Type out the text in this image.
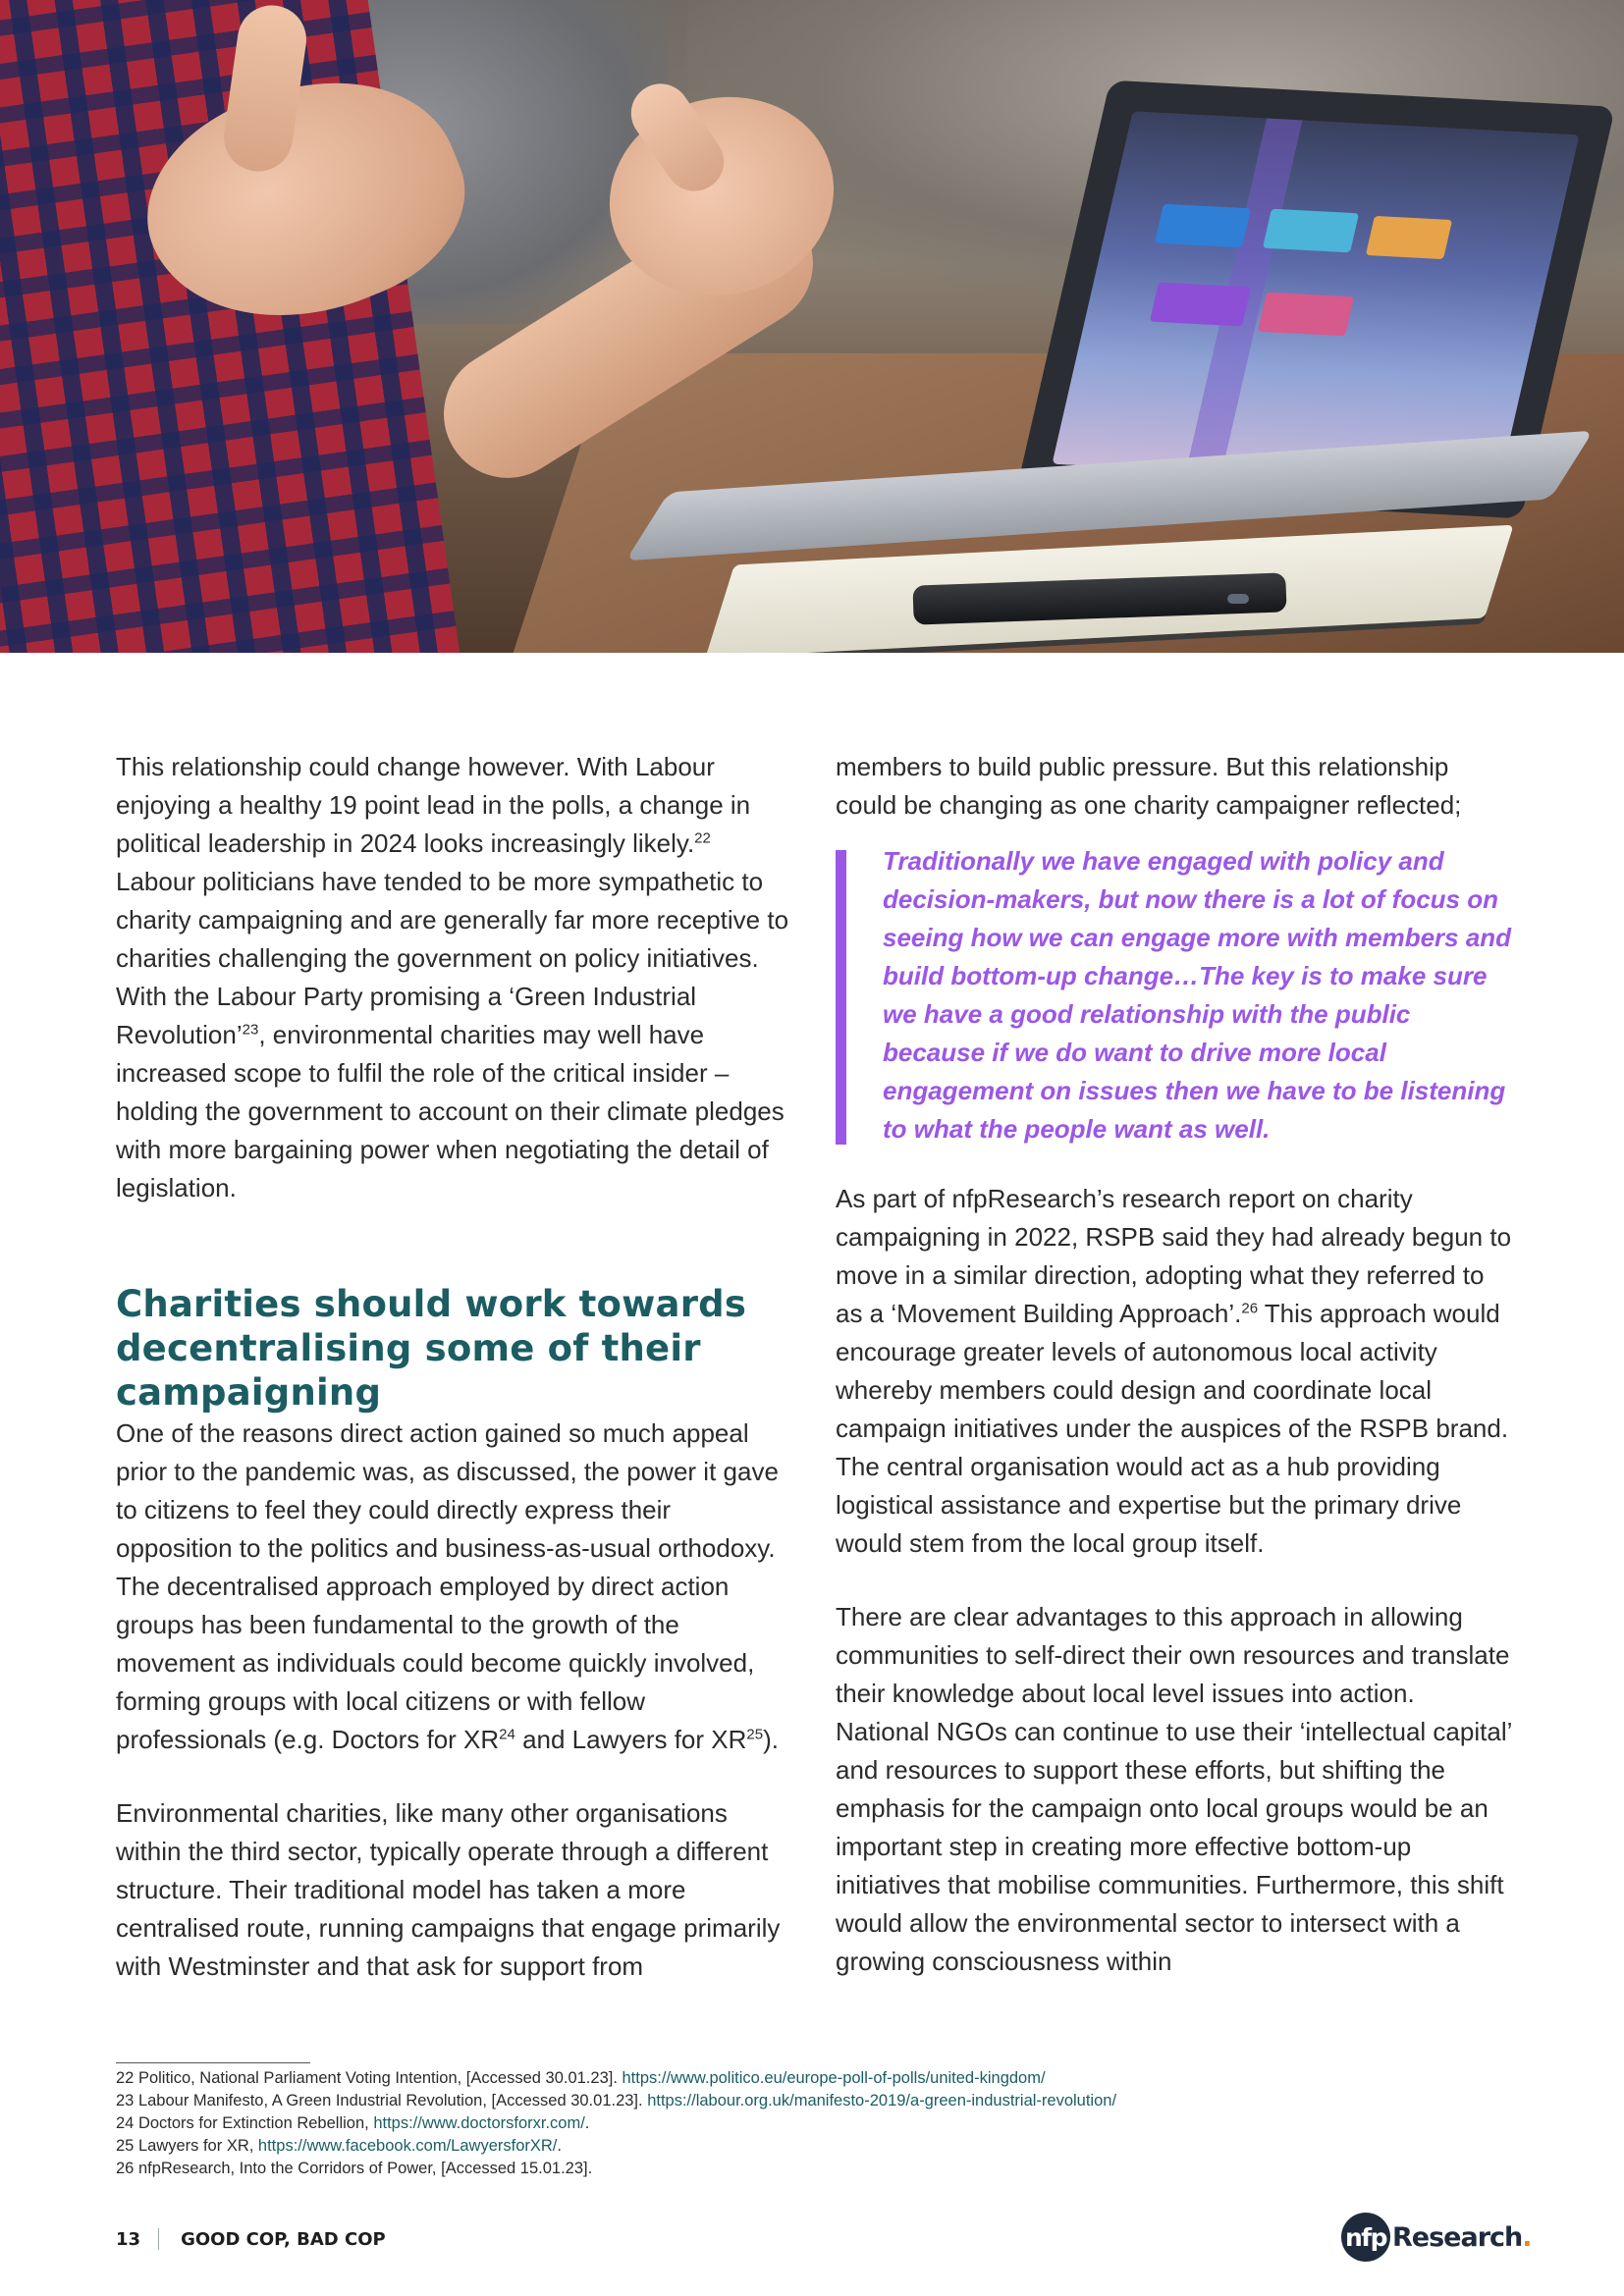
This relationship could change however. With Labour enjoying a healthy 19 point lead in the polls, a change in political leadership in 2024 looks increasingly likely.$^{22}$ Labour politicians have tended to be more sympathetic to charity campaigning and are generally far more receptive to charities challenging the government on policy initiatives. With the Labour Party promising a ‘Green Industrial Revolution’$^{23}$, environmental charities may well have increased scope to fulfil the role of the critical insider – holding the government to account on their climate pledges with more bargaining power when negotiating the detail of legislation.

Charities should work towards decentralising some of their campaigning

One of the reasons direct action gained so much appeal prior to the pandemic was, as discussed, the power it gave to citizens to feel they could directly express their opposition to the politics and business-as-usual orthodoxy. The decentralised approach employed by direct action groups has been fundamental to the growth of the movement as individuals could become quickly involved, forming groups with local citizens or with fellow professionals (e.g. Doctors for XR$^{24}$ and Lawyers for XR$^{25}$).

Environmental charities, like many other organisations within the third sector, typically operate through a different structure. Their traditional model has taken a more centralised route, running campaigns that engage primarily with Westminster and that ask for support from

members to build public pressure. But this relationship could be changing as one charity campaigner reflected;

Traditionally we have engaged with policy and decision-makers, but now there is a lot of focus on seeing how we can engage more with members and build bottom-up change…The key is to make sure we have a good relationship with the public because if we do want to drive more local engagement on issues then we have to be listening to what the people want as well.

As part of nfpResearch’s research report on charity campaigning in 2022, RSPB said they had already begun to move in a similar direction, adopting what they referred to as a ‘Movement Building Approach’.$^{26}$ This approach would encourage greater levels of autonomous local activity whereby members could design and coordinate local campaign initiatives under the auspices of the RSPB brand. The central organisation would act as a hub providing logistical assistance and expertise but the primary drive would stem from the local group itself.

There are clear advantages to this approach in allowing communities to self-direct their own resources and translate their knowledge about local level issues into action. National NGOs can continue to use their ‘intellectual capital’ and resources to support these efforts, but shifting the emphasis for the campaign onto local groups would be an important step in creating more effective bottom-up initiatives that mobilise communities. Furthermore, this shift would allow the environmental sector to intersect with a growing consciousness within

22 Politico, National Parliament Voting Intention, [Accessed 30.01.23]. https://www.politico.eu/europe-poll-of-polls/united-kingdom/
23 Labour Manifesto, A Green Industrial Revolution, [Accessed 30.01.23]. https://labour.org.uk/manifesto-2019/a-green-industrial-revolution/
24 Doctors for Extinction Rebellion, https://www.doctorsforxr.com/.
25 Lawyers for XR, https://www.facebook.com/LawyersforXR/.
26 nfpResearch, Into the Corridors of Power, [Accessed 15.01.23].
13 GOOD COP, BAD COP	nfp Research .
